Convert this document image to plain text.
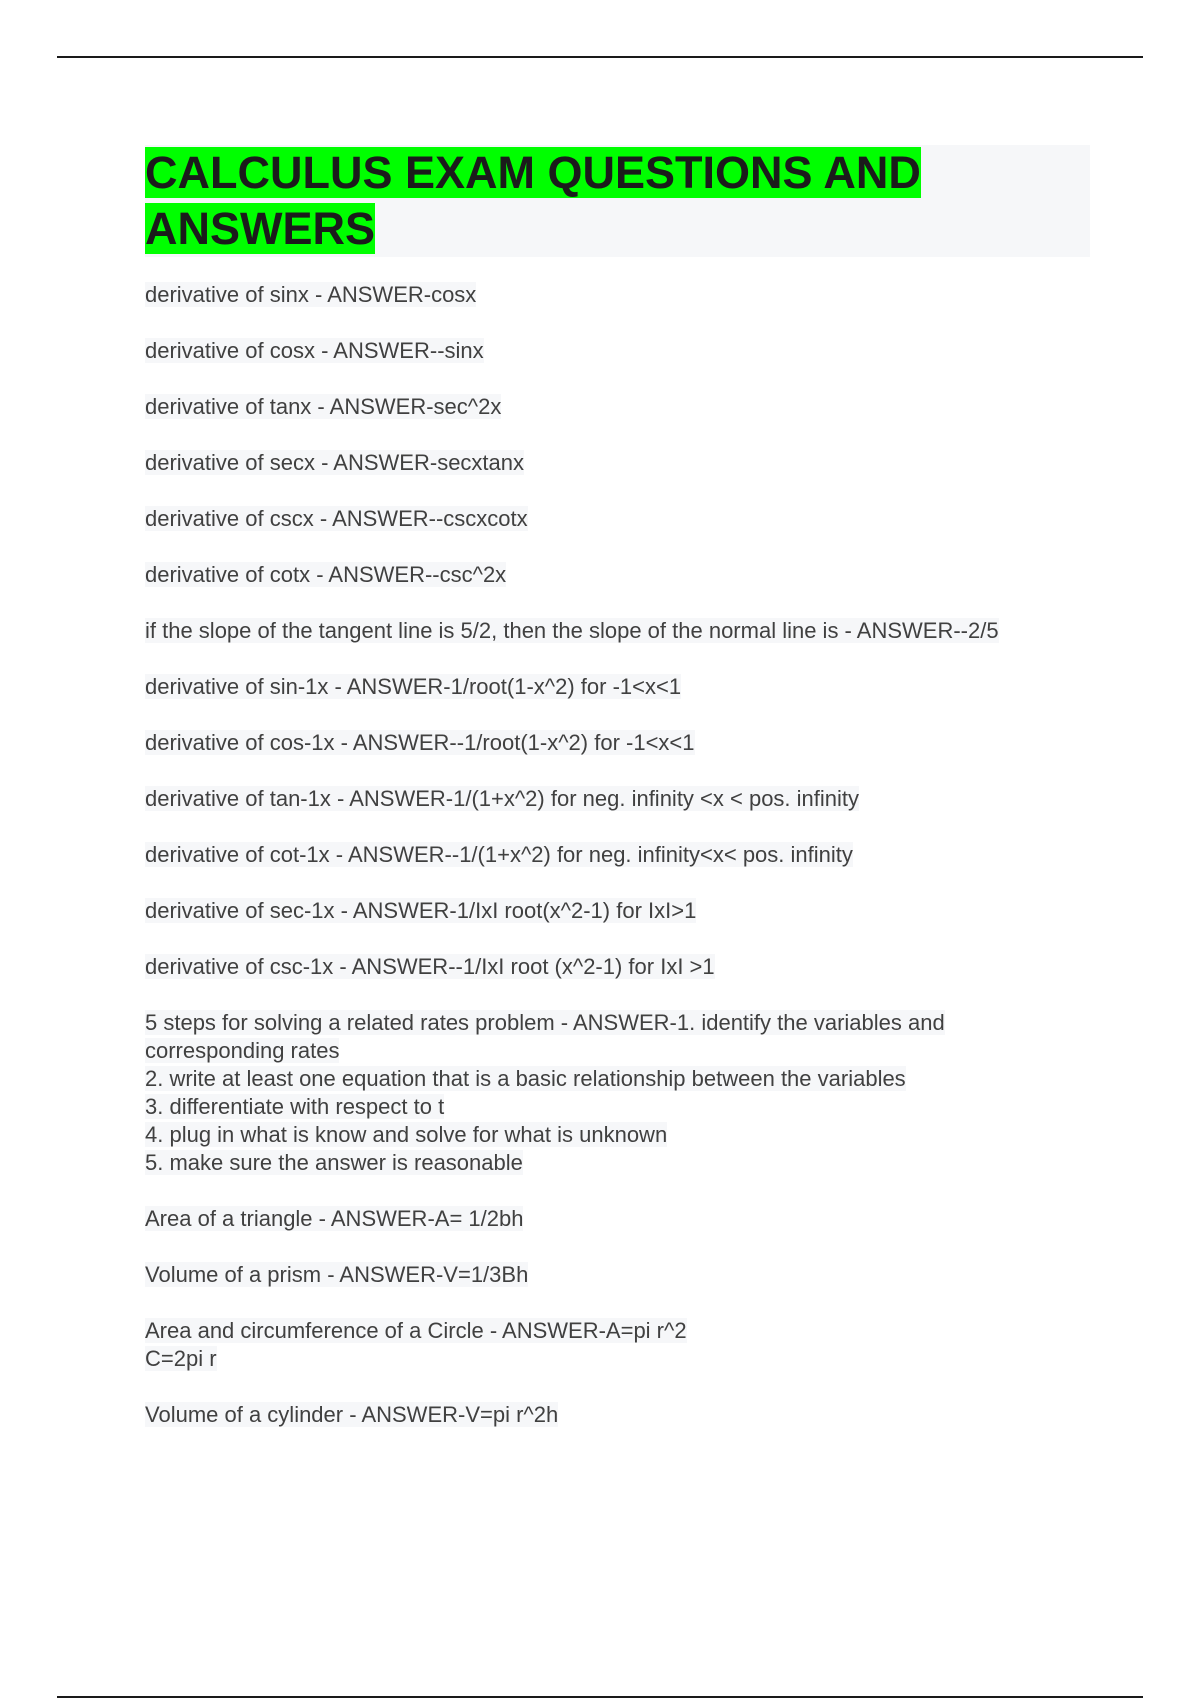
CALCULUS EXAM QUESTIONS AND ANSWERS

derivative of sinx - ANSWER-cosx

derivative of cosx - ANSWER--sinx

derivative of tanx - ANSWER-sec^2x

derivative of secx - ANSWER-secxtanx

derivative of cscx - ANSWER--cscxcotx

derivative of cotx - ANSWER--csc^2x

if the slope of the tangent line is 5/2, then the slope of the normal line is - ANSWER--2/5

derivative of sin-1x - ANSWER-1/root(1-x^2) for -1<x<1

derivative of cos-1x - ANSWER--1/root(1-x^2) for -1<x<1

derivative of tan-1x - ANSWER-1/(1+x^2) for neg. infinity <x < pos. infinity

derivative of cot-1x - ANSWER--1/(1+x^2) for neg. infinity<x< pos. infinity

derivative of sec-1x - ANSWER-1/IxI root(x^2-1) for IxI>1

derivative of csc-1x - ANSWER--1/IxI root (x^2-1) for IxI >1

5 steps for solving a related rates problem - ANSWER-1. identify the variables and
corresponding rates
2. write at least one equation that is a basic relationship between the variables
3. differentiate with respect to t
4. plug in what is know and solve for what is unknown
5. make sure the answer is reasonable

Area of a triangle - ANSWER-A= 1/2bh

Volume of a prism - ANSWER-V=1/3Bh

Area and circumference of a Circle - ANSWER-A=pi r^2
C=2pi r

Volume of a cylinder - ANSWER-V=pi r^2h
